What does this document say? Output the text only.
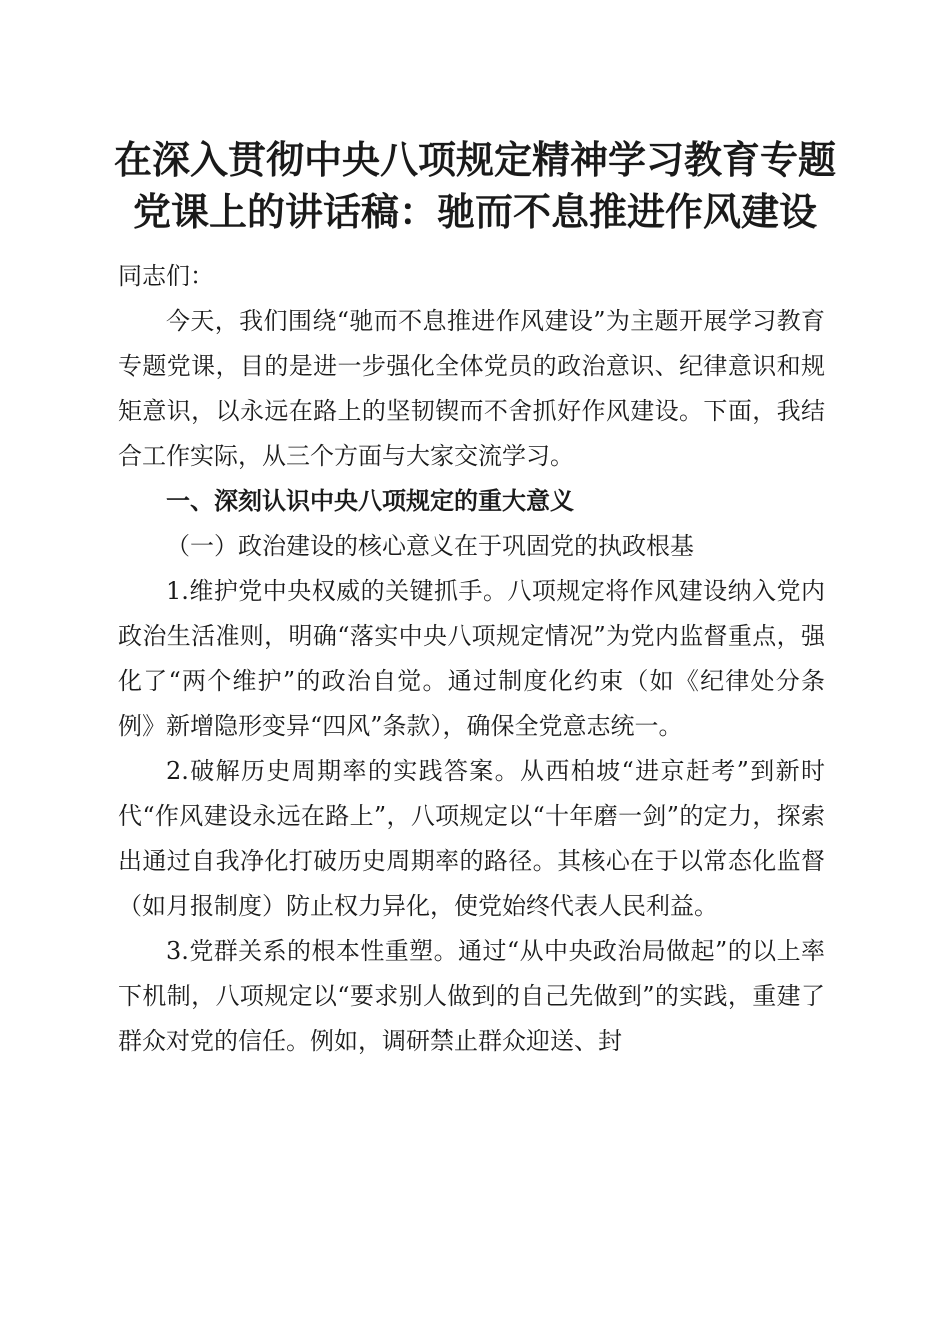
在深入贯彻中央八项规定精神学习教育专题党课上的讲话稿：驰而不息推进作风建设

同志们：

今天，我们围绕“驰而不息推进作风建设”为主题开展学习教育专题党课，目的是进一步强化全体党员的政治意识、纪律意识和规矩意识，以永远在路上的坚韧锲而不舍抓好作风建设。下面，我结合工作实际，从三个方面与大家交流学习。

一、深刻认识中央八项规定的重大意义

（一）政治建设的核心意义在于巩固党的执政根基

1.维护党中央权威的关键抓手。八项规定将作风建设纳入党内政治生活准则，明确“落实中央八项规定情况”为党内监督重点，强化了“两个维护”的政治自觉。通过制度化约束（如《纪律处分条例》新增隐形变异“四风”条款），确保全党意志统一。

2.破解历史周期率的实践答案。从西柏坡“进京赶考”到新时代“作风建设永远在路上”，八项规定以“十年磨一剑”的定力，探索出通过自我净化打破历史周期率的路径。其核心在于以常态化监督（如月报制度）防止权力异化，使党始终代表人民利益。

3.党群关系的根本性重塑。通过“从中央政治局做起”的以上率下机制，八项规定以“要求别人做到的自己先做到”的实践，重建了群众对党的信任。例如，调研禁止群众迎送、封
